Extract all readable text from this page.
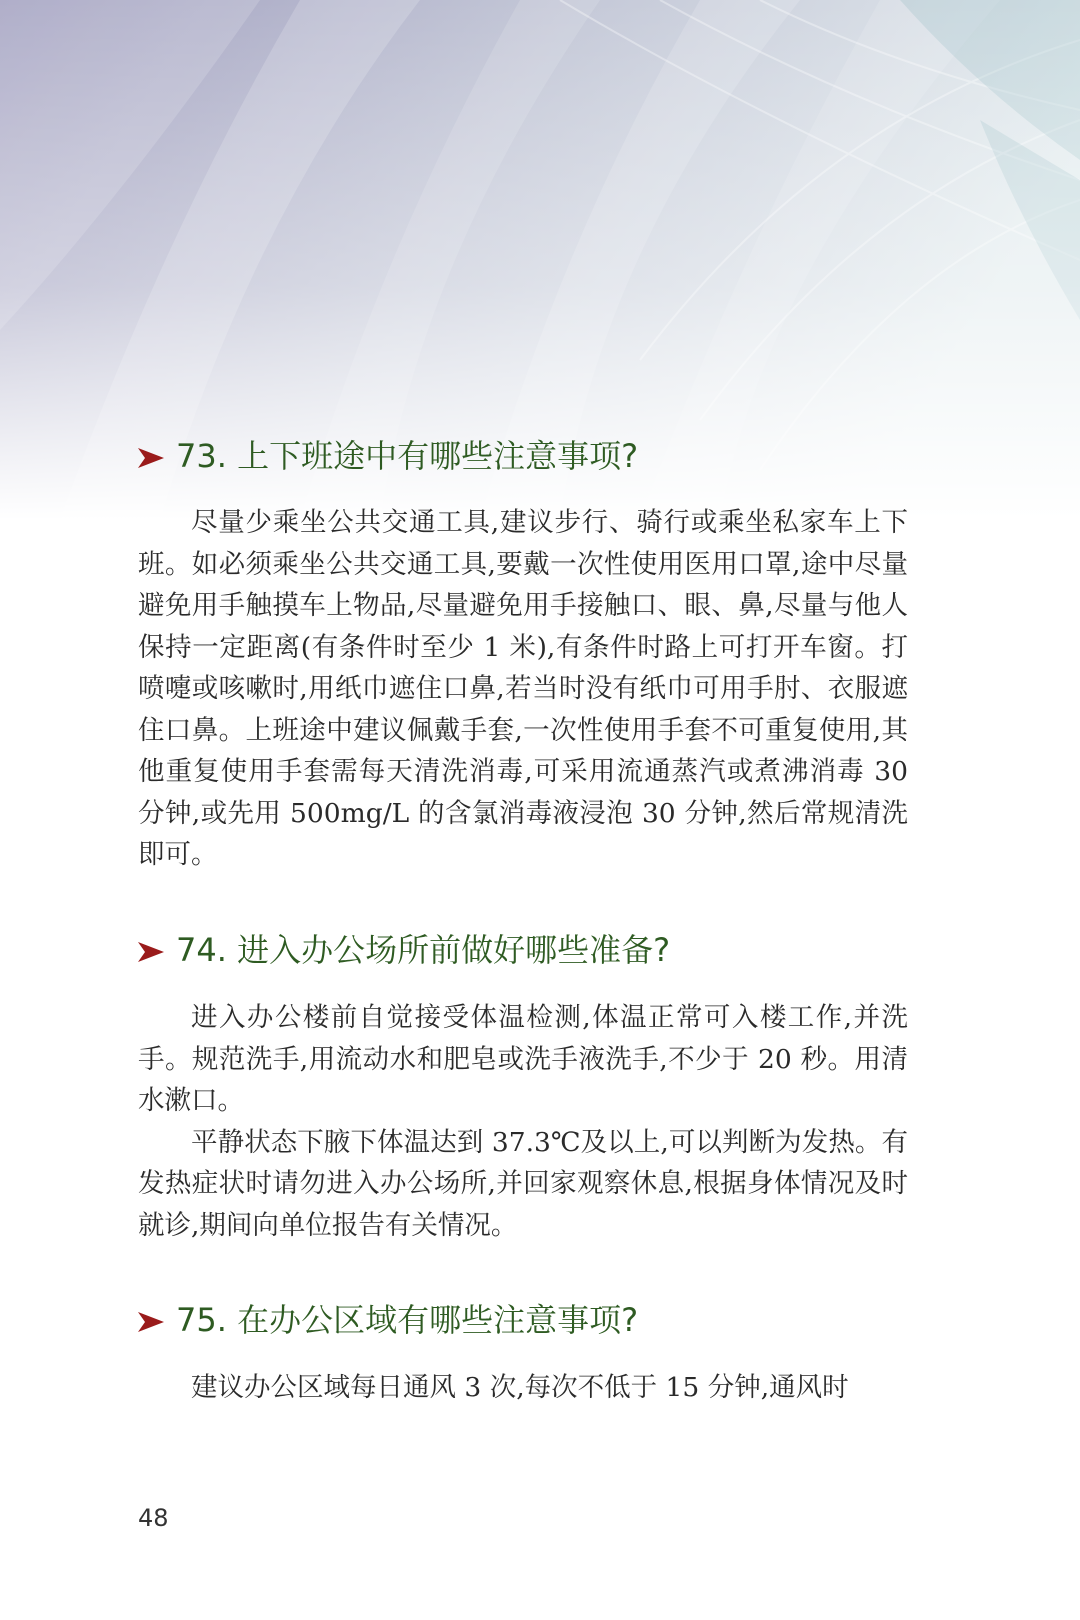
73. 上下班途中有哪些注意事项?

尽量少乘坐公共交通工具,建议步行、骑行或乘坐私家车上下班。如必须乘坐公共交通工具,要戴一次性使用医用口罩,途中尽量避免用手触摸车上物品,尽量避免用手接触口、眼、鼻,尽量与他人保持一定距离(有条件时至少 1 米),有条件时路上可打开车窗。打喷嚏或咳嗽时,用纸巾遮住口鼻,若当时没有纸巾可用手肘、衣服遮住口鼻。上班途中建议佩戴手套,一次性使用手套不可重复使用,其他重复使用手套需每天清洗消毒,可采用流通蒸汽或煮沸消毒 30 分钟,或先用 500mg/L 的含氯消毒液浸泡 30 分钟,然后常规清洗即可。

74. 进入办公场所前做好哪些准备?

进入办公楼前自觉接受体温检测,体温正常可入楼工作,并洗手。规范洗手,用流动水和肥皂或洗手液洗手,不少于 20 秒。用清水漱口。

平静状态下腋下体温达到 37.3℃及以上,可以判断为发热。有发热症状时请勿进入办公场所,并回家观察休息,根据身体情况及时就诊,期间向单位报告有关情况。

75. 在办公区域有哪些注意事项?

建议办公区域每日通风 3 次,每次不低于 15 分钟,通风时

48
